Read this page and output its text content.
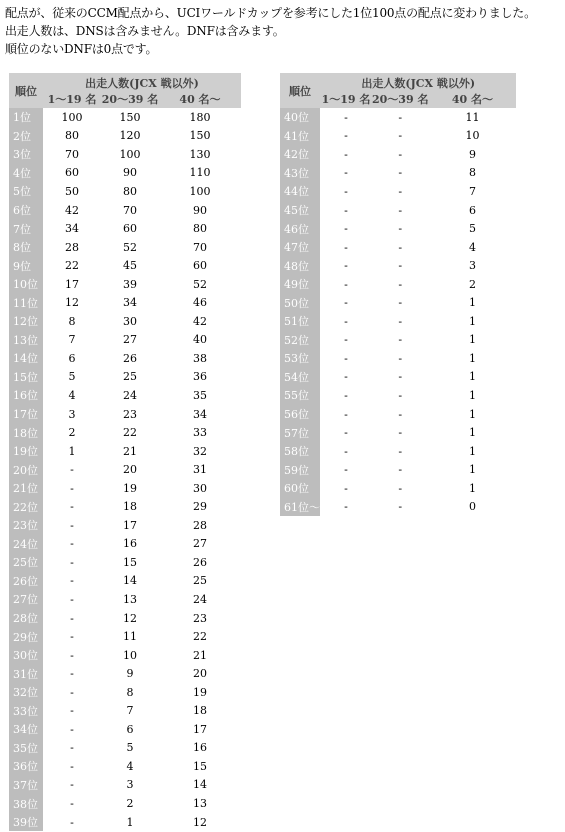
配点が、従来のCCM配点から、UCIワールドカップを参考にした1位100点の配点に変わりました。
出走人数は、DNSは含みません。DNFは含みます。
順位のないDNFは0点です。
順位	出走人数(JCX 戦以外)		
	1～19 名	20～39 名	40 名～
1位	100	150	180
2位	80	120	150
3位	70	100	130
4位	60	90	110
5位	50	80	100
6位	42	70	90
7位	34	60	80
8位	28	52	70
9位	22	45	60
10位	17	39	52
11位	12	34	46
12位	8	30	42
13位	7	27	40
14位	6	26	38
15位	5	25	36
16位	4	24	35
17位	3	23	34
18位	2	22	33
19位	1	21	32
20位	-	20	31
21位	-	19	30
22位	-	18	29
23位	-	17	28
24位	-	16	27
25位	-	15	26
26位	-	14	25
27位	-	13	24
28位	-	12	23
29位	-	11	22
30位	-	10	21
31位	-	9	20
32位	-	8	19
33位	-	7	18
34位	-	6	17
35位	-	5	16
36位	-	4	15
37位	-	3	14
38位	-	2	13
39位	-	1	12
順位	出走人数(JCX 戦以外)		
	1～19 名	20～39 名	40 名～
40位	-	-	11
41位	-	-	10
42位	-	-	9
43位	-	-	8
44位	-	-	7
45位	-	-	6
46位	-	-	5
47位	-	-	4
48位	-	-	3
49位	-	-	2
50位	-	-	1
51位	-	-	1
52位	-	-	1
53位	-	-	1
54位	-	-	1
55位	-	-	1
56位	-	-	1
57位	-	-	1
58位	-	-	1
59位	-	-	1
60位	-	-	1
61位～	-	-	0
